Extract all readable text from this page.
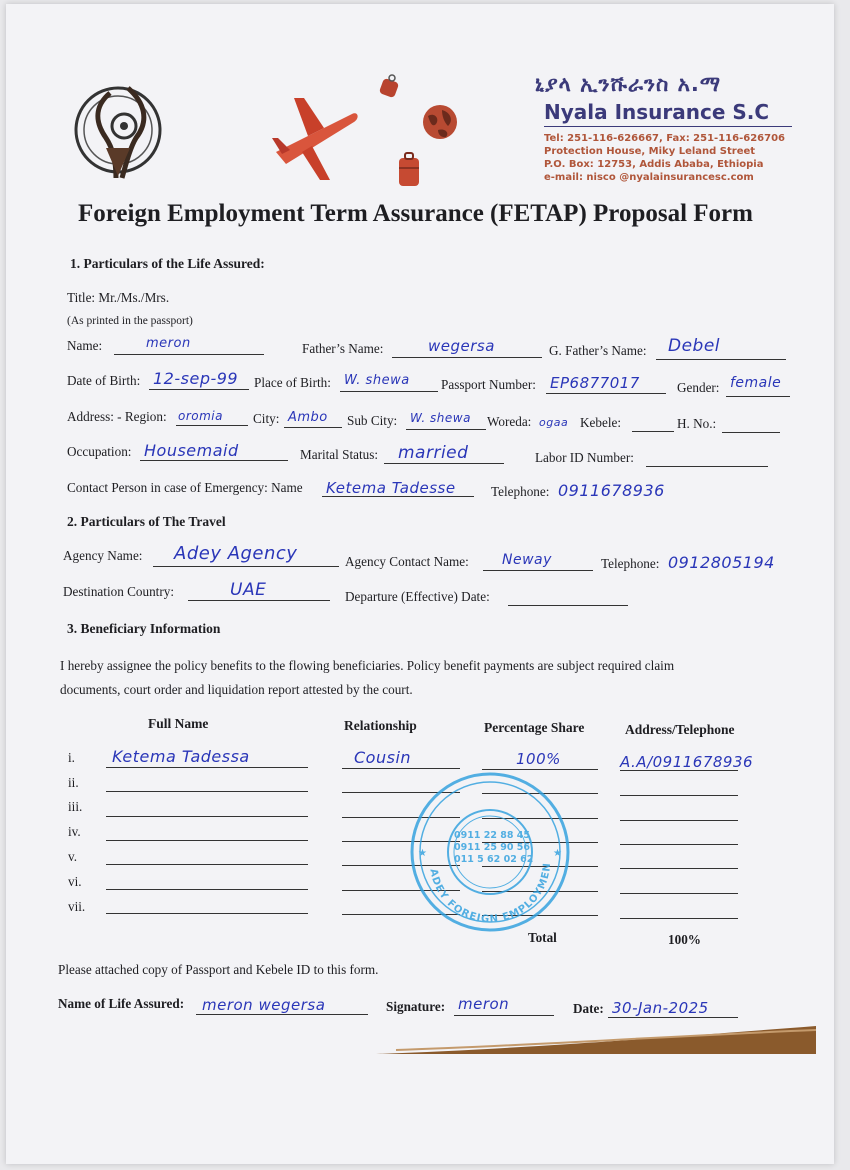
ኒያላ ኢንሹራንስ አ.ማ
Nyala Insurance S.C
Tel: 251-116-626667, Fax: 251-116-626706
Protection House, Miky Leland Street
P.O. Box: 12753, Addis Ababa, Ethiopia
e-mail: nisco @nyalainsurancesc.com
Foreign Employment Term Assurance (FETAP) Proposal Form
1. Particulars of the Life Assured:
Title: Mr./Ms./Mrs.
(As printed in the passport)
Name:	meron	Father’s Name:	wegersa	G. Father’s Name: Debel
Date of Birth: 12-sep-99 Place of Birth: W. shewa Passport Number: EP6877017	Gender: female
Address: - Region: oromia City: Ambo Sub City: W. shewa Woreda: ogaa Kebele:	H. No.:
Occupation: Housemaid	Marital Status: married	Labor ID Number:
Contact Person in case of Emergency: Name Ketema Tadesse	Telephone: 0911678936
2. Particulars of The Travel
Agency Name: Adey Agency	Agency Contact Name: Neway	Telephone: 0912805194
Destination Country:	UAE	Departure (Effective) Date:
3. Beneficiary Information
I hereby assignee the policy benefits to the flowing beneficiaries. Policy benefit payments are subject required claim
documents, court order and liquidation report attested by the court.
Full Name	Relationship	Percentage Share	Address/Telephone
i. Ketema Tadessa	Cousin	100%	A.A/0911678936
ii.
iii.
iv.
v.
vi.
vii.
Total	100%
ADEY FOREIGN EMPLOYMEN
★	★
0911 22 88 45
0911 25 90 56
011 5 62 02 62
Please attached copy of Passport and Kebele ID to this form.
Name of Life Assured: meron wegersa	Signature: meron	Date: 30-Jan-2025
